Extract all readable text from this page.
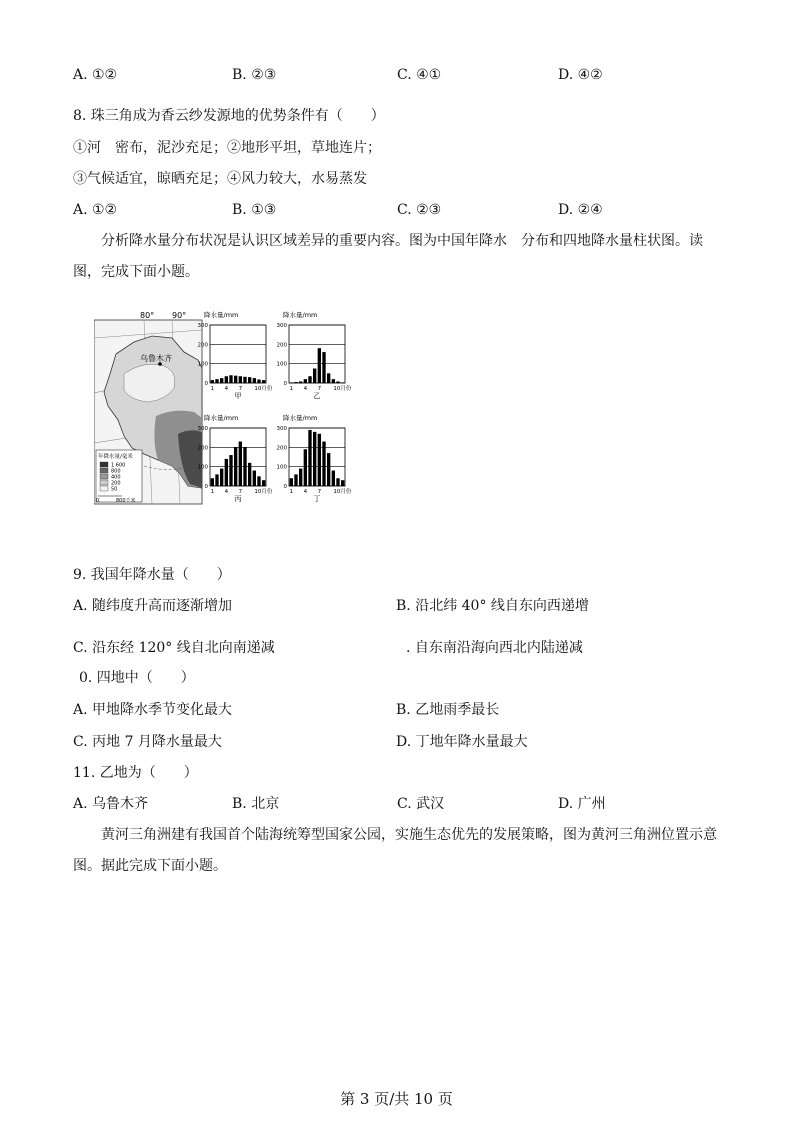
A. ①②	B. ②③	C. ④①	D. ④②
8. 珠三角成为香云纱发源地的优势条件有（　　）
①河　密布，泥沙充足；②地形平坦，草地连片；
③气候适宜，晾晒充足；④风力较大，水易蒸发
A. ①②	B. ①③	C. ②③	D. ②④
分析降水量分布状况是认识区域差异的重要内容。图为中国年降水　分布和四地降水量柱状图。读
图，完成下面小题。
乌鲁木齐
80° 90°
年降水量/毫米
1 600
800
400
200
50
0	800千米
降水量/mm
0
100
200
300
1 4 7 10月份
甲
降水量/mm
0
100
200
300
1 4 7 10月份
乙
降水量/mm
0
100
200
300
1 4 7 10月份
丙
降水量/mm
0
100
200
300
1 4 7 10月份
丁
9. 我国年降水量（　　）
A. 随纬度升高而逐渐增加	B. 沿北纬 40° 线自东向西递增
C. 沿东经 120° 线自北向南递减	. 自东南沿海向西北内陆递减
0. 四地中（　　）
A. 甲地降水季节变化最大	B. 乙地雨季最长
C. 丙地 7 月降水量最大	D. 丁地年降水量最大
11. 乙地为（　　）
A. 乌鲁木齐	B. 北京	C. 武汉	D. 广州
黄河三角洲建有我国首个陆海统筹型国家公园，实施生态优先的发展策略，图为黄河三角洲位置示意
图。据此完成下面小题。
第 3 页/共 10 页
